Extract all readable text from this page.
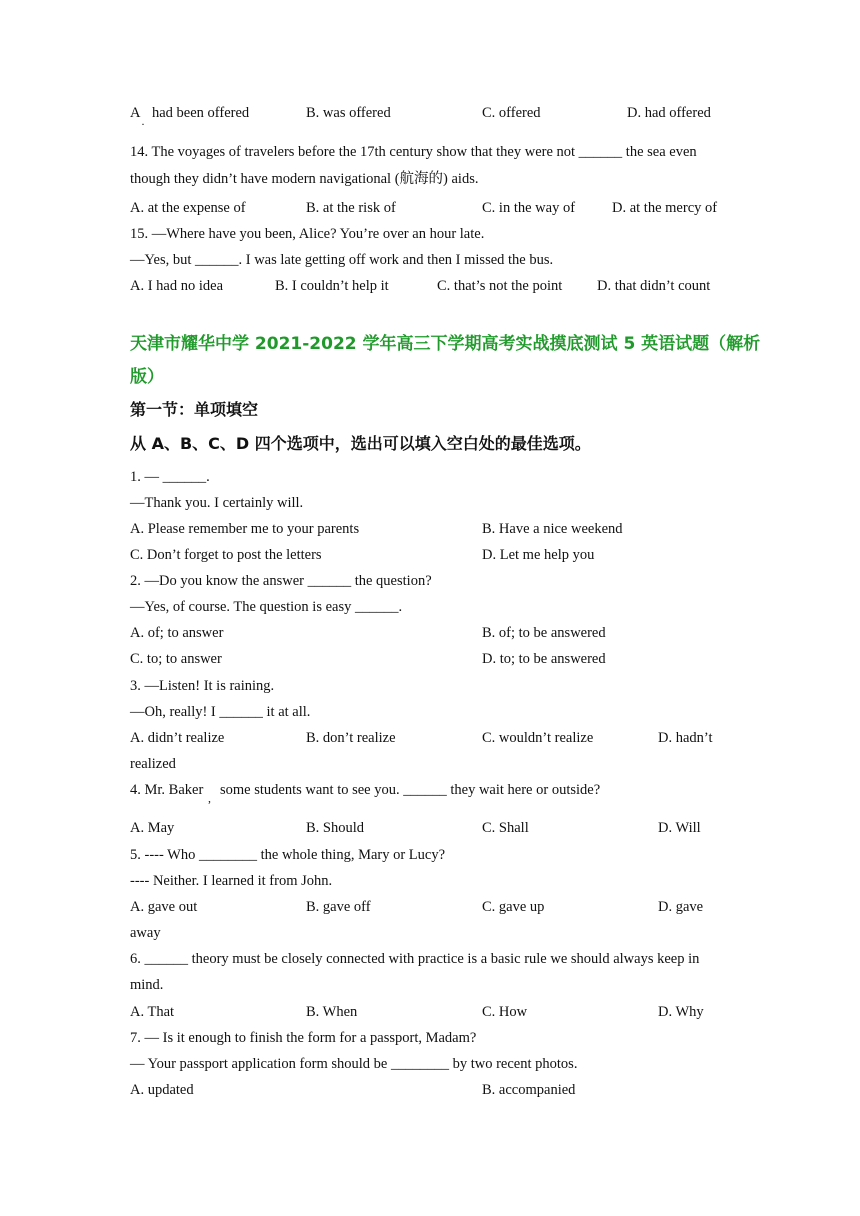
A
·
had been offered	B. was offered	C. offered	D. had offered
14. The voyages of travelers before the 17th century show that they were not ______ the sea even
though they didn’t have modern navigational (航海的) aids.
A. at the expense of	B. at the risk of	C. in the way of	D. at the mercy of
15. —Where have you been, Alice? You’re over an hour late.
—Yes, but ______. I was late getting off work and then I missed the bus.
A. I had no idea	B. I couldn’t help it	C. that’s not the point D. that didn’t count
天津市耀华中学 2021-2022 学年高三下学期高考实战摸底测试 5 英语试题（解析
版）
第一节：单项填空
从 A、B、C、D 四个选项中，选出可以填入空白处的最佳选项。
1. — ______.
—Thank you. I certainly will.
A. Please remember me to your parents	B. Have a nice weekend
C. Don’t forget to post the letters	D. Let me help you
2. —Do you know the answer ______ the question?
—Yes, of course. The question is easy ______.
A. of; to answer	B. of; to be answered
C. to; to answer	D. to; to be answered
3. —Listen! It is raining.
—Oh, really! I ______ it at all.
A. didn’t realize	B. don’t realize	C. wouldn’t realize	D. hadn’t
realized
4. Mr. Baker , some students want to see you. ______ they wait here or outside?
A. May	B. Should	C. Shall	D. Will
5. ---- Who ________ the whole thing, Mary or Lucy?
---- Neither. I learned it from John.
A. gave out	B. gave off	C. gave up	D. gave
away
6. ______ theory must be closely connected with practice is a basic rule we should always keep in
mind.
A. That	B. When	C. How	D. Why
7. — Is it enough to finish the form for a passport, Madam?
— Your passport application form should be ________ by two recent photos.
A. updated	B. accompanied
